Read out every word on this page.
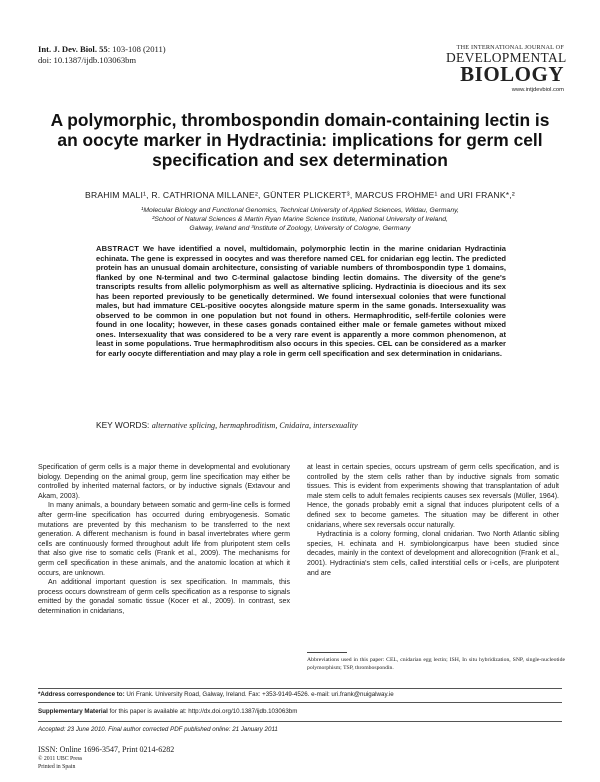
Int. J. Dev. Biol. 55: 103-108 (2011)
doi: 10.1387/ijdb.103063bm
THE INTERNATIONAL JOURNAL OF
DEVELOPMENTAL
BIOLOGY
www.intjdevbiol.com
A polymorphic, thrombospondin domain-containing lectin is an oocyte marker in Hydractinia: implications for germ cell specification and sex determination
BRAHIM MALI¹, R. CATHRIONA MILLANE², GÜNTER PLICKERT³, MARCUS FROHME¹ and URI FRANK*,²
¹Molecular Biology and Functional Genomics, Technical University of Applied Sciences, Wildau, Germany,
²School of Natural Sciences & Martin Ryan Marine Science Institute, National University of Ireland,
Galway, Ireland and ³Institute of Zoology, University of Cologne, Germany
ABSTRACT We have identified a novel, multidomain, polymorphic lectin in the marine cnidarian Hydractinia echinata. The gene is expressed in oocytes and was therefore named CEL for cnidarian egg lectin. The predicted protein has an unusual domain architecture, consisting of variable numbers of thrombospondin type 1 domains, flanked by one N-terminal and two C-terminal galactose binding lectin domains. The diversity of the gene's transcripts results from allelic polymorphism as well as alternative splicing. Hydractinia is dioecious and its sex has been reported previously to be genetically determined. We found intersexual colonies that were functional males, but had immature CEL-positive oocytes alongside mature sperm in the same gonads. Intersexuality was observed to be common in one population but not found in others. Hermaphroditic, self-fertile colonies were found in one locality; however, in these cases gonads contained either male or female gametes without mixed ones. Intersexuality that was considered to be a very rare event is apparently a more common phenomenon, at least in some populations. True hermaphroditism also occurs in this species. CEL can be considered as a marker for early oocyte differentiation and may play a role in germ cell specification and sex determination in cnidarians.
KEY WORDS: alternative splicing, hermaphroditism, Cnidaira, intersexuality

Specification of germ cells is a major theme in developmental and evolutionary biology. Depending on the animal group, germ line specification may either be controlled by inherited maternal factors, or by inductive signals (Extavour and Akam, 2003).

In many animals, a boundary between somatic and germ-line cells is formed after germ-line specification has occurred during embryogenesis. Somatic mutations are prevented by this mechanism to be transferred to the next generation. A different mechanism is found in basal invertebrates where germ cells are continuously formed throughout adult life from pluripotent stem cells that also give rise to somatic cells (Frank et al., 2009). The mechanisms for germ cell specification in these animals, and the anatomic location at which it occurs, are unknown.

An additional important question is sex specification. In mammals, this process occurs downstream of germ cells specification as a response to signals emitted by the gonadal somatic tissue (Kocer et al., 2009). In contrast, sex determination in cnidarians,

at least in certain species, occurs upstream of germ cells specification, and is controlled by the stem cells rather than by inductive signals from somatic tissues. This is evident from experiments showing that transplantation of adult male stem cells to adult females recipients causes sex reversals (Müller, 1964). Hence, the gonads probably emit a signal that induces pluripotent cells of a defined sex to become gametes. The situation may be different in other cnidarians, where sex reversals occur naturally.

Hydractinia is a colony forming, clonal cnidarian. Two North Atlantic sibling species, H. echinata and H. symbiolongicarpus have been studied since decades, mainly in the context of development and allorecognition (Frank et al., 2001). Hydractinia's stem cells, called interstitial cells or i-cells, are pluripotent and are

Abbreviations used in this paper: CEL, cnidarian egg lectin; ISH, In situ hybridization, SNP, single-nucleotide polymorphism; TSP, thrombospondin.
*Address correspondence to: Uri Frank. University Road, Galway, Ireland. Fax: +353-9149-4526. e-mail: uri.frank@nuigalway.ie
Supplementary Material for this paper is available at: http://dx.doi.org/10.1387/ijdb.103063bm
Accepted: 23 June 2010. Final author corrected PDF published online: 21 January 2011
ISSN: Online 1696-3547, Print 0214-6282
© 2011 UBC Press
Printed in Spain
